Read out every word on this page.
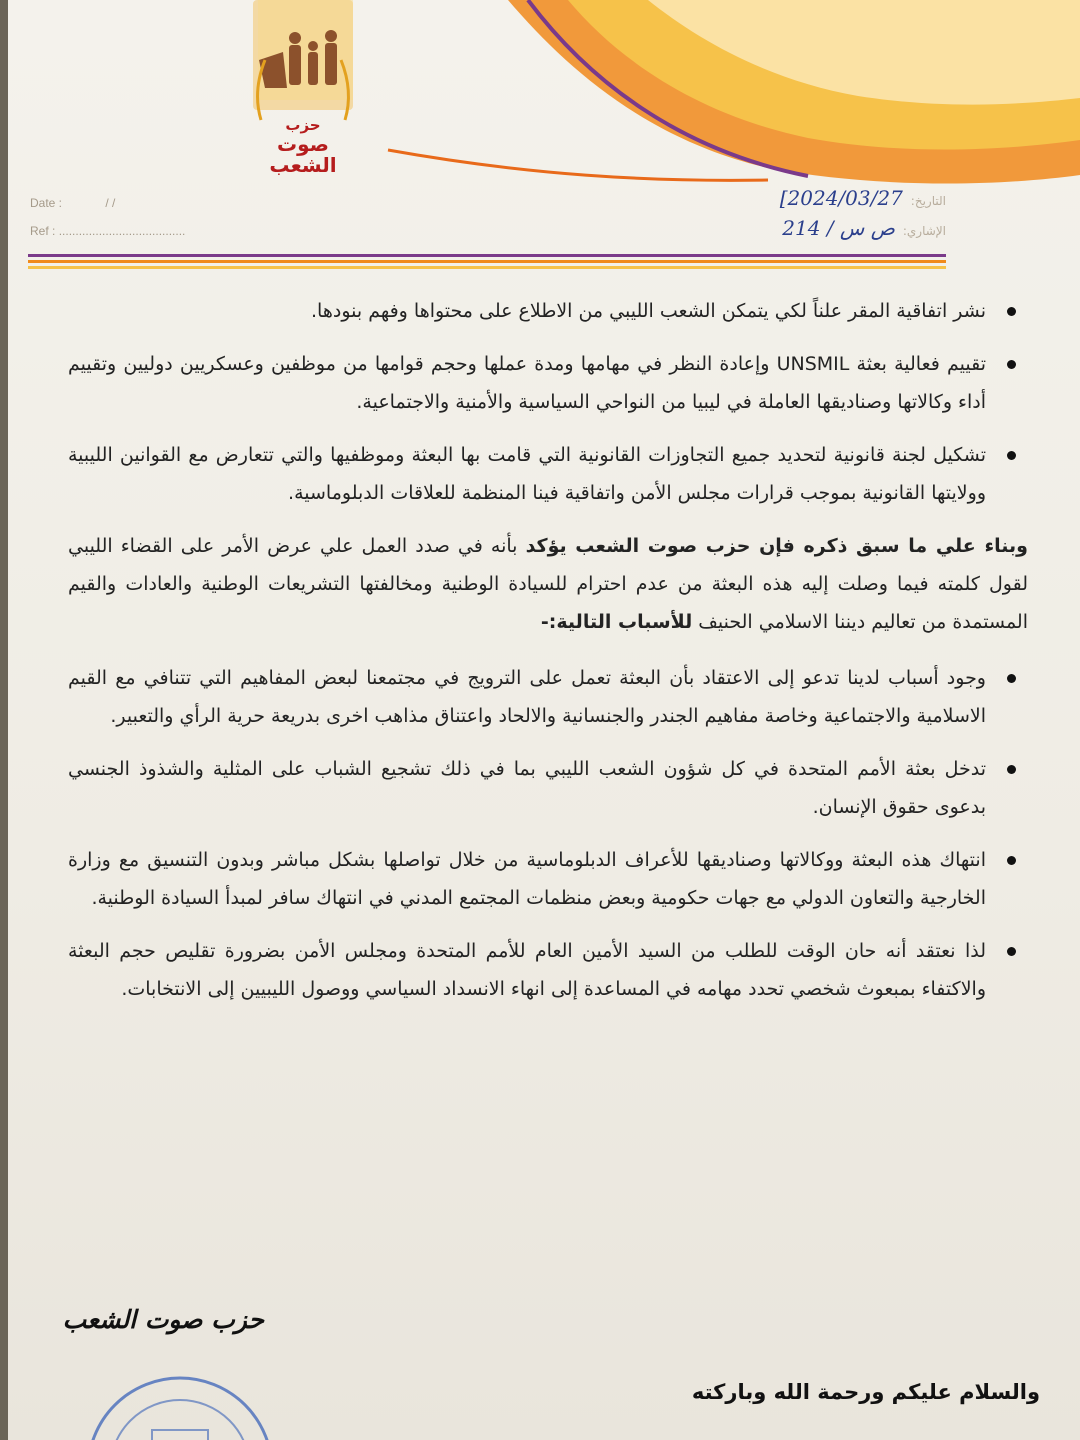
حزب
صوت الشعب
Date :	/ /
Ref : ......................................
التاريخ:
[2024/03/27
الإشاري:
ص س / 214
نشر اتفاقية المقر علناً لكي يتمكن الشعب الليبي من الاطلاع على محتواها وفهم بنودها.
تقييم فعالية بعثة UNSMIL وإعادة النظر في مهامها ومدة عملها وحجم قوامها من موظفين وعسكريين دوليين وتقييم أداء وكالاتها وصناديقها العاملة في ليبيا من النواحي السياسية والأمنية والاجتماعية.
تشكيل لجنة قانونية لتحديد جميع التجاوزات القانونية التي قامت بها البعثة وموظفيها والتي تتعارض مع القوانين الليبية وولايتها القانونية بموجب قرارات مجلس الأمن واتفاقية فينا المنظمة للعلاقات الدبلوماسية.

وبناء علي ما سبق ذكره فإن حزب صوت الشعب يؤكد بأنه في صدد العمل علي عرض الأمر على القضاء الليبي لقول كلمته فيما وصلت إليه هذه البعثة من عدم احترام للسيادة الوطنية ومخالفتها التشريعات الوطنية والعادات والقيم المستمدة من تعاليم ديننا الاسلامي الحنيف للأسباب التالية:-

وجود أسباب لدينا تدعو إلى الاعتقاد بأن البعثة تعمل على الترويج في مجتمعنا لبعض المفاهيم التي تتنافي مع القيم الاسلامية والاجتماعية وخاصة مفاهيم الجندر والجنسانية والالحاد واعتناق مذاهب اخرى بدريعة حرية الرأي والتعبير.
تدخل بعثة الأمم المتحدة في كل شؤون الشعب الليبي بما في ذلك تشجيع الشباب على المثلية والشذوذ الجنسي بدعوى حقوق الإنسان.
انتهاك هذه البعثة ووكالاتها وصناديقها للأعراف الدبلوماسية من خلال تواصلها بشكل مباشر وبدون التنسيق مع وزارة الخارجية والتعاون الدولي مع جهات حكومية وبعض منظمات المجتمع المدني في انتهاك سافر لمبدأ السيادة الوطنية.
لذا نعتقد أنه حان الوقت للطلب من السيد الأمين العام للأمم المتحدة ومجلس الأمن بضرورة تقليص حجم البعثة والاكتفاء بمبعوث شخصي تحدد مهامه في المساعدة إلى انهاء الانسداد السياسي ووصول الليبيين إلى الانتخابات.
حزب صوت الشعب
والسلام عليكم ورحمة الله وباركته
